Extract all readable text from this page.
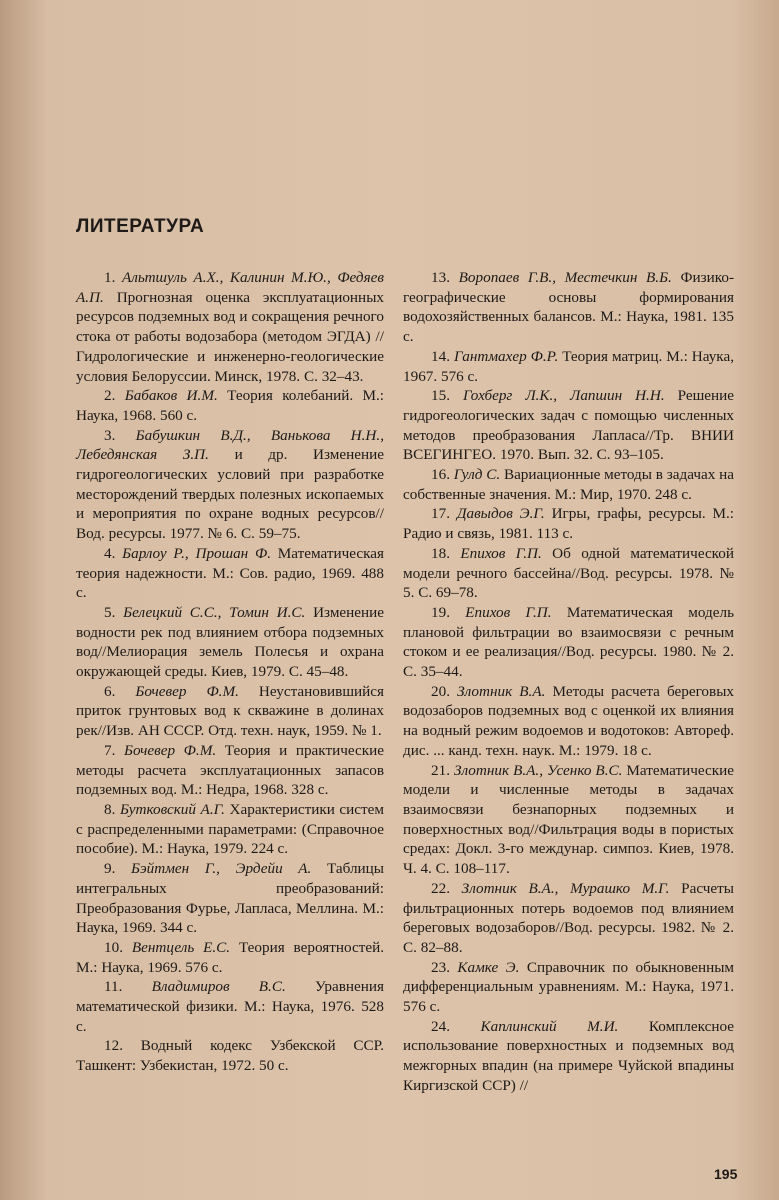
ЛИТЕРАТУРА

1. Альтшуль А.Х., Калинин М.Ю., Федяев А.П. Прогнозная оценка эксплуатационных ресурсов подземных вод и сокращения речного стока от работы водозабора (методом ЭГДА) //Гидрологические и инженерно-геологические условия Белоруссии. Минск, 1978. С. 32–43.

2. Бабаков И.М. Теория колебаний. М.: Наука, 1968. 560 с.

3. Бабушкин В.Д., Ванькова Н.Н., Лебедянская З.П. и др. Изменение гидрогеологических условий при разработке месторождений твердых полезных ископаемых и мероприятия по охране водных ресурсов//Вод. ресурсы. 1977. № 6. С. 59–75.

4. Барлоу Р., Прошан Ф. Математическая теория надежности. М.: Сов. радио, 1969. 488 с.

5. Белецкий С.С., Томин И.С. Изменение водности рек под влиянием отбора подземных вод//Мелиорация земель Полесья и охрана окружающей среды. Киев, 1979. С. 45–48.

6. Бочевер Ф.М. Неустановившийся приток грунтовых вод к скважине в долинах рек//Изв. АН СССР. Отд. техн. наук, 1959. № 1.

7. Бочевер Ф.М. Теория и практические методы расчета эксплуатационных запасов подземных вод. М.: Недра, 1968. 328 с.

8. Бутковский А.Г. Характеристики систем с распределенными параметрами: (Справочное пособие). М.: Наука, 1979. 224 с.

9. Бэйтмен Г., Эрдейи А. Таблицы интегральных преобразований: Преобразования Фурье, Лапласа, Меллина. М.: Наука, 1969. 344 с.

10. Вентцель Е.С. Теория вероятностей. М.: Наука, 1969. 576 с.

11. Владимиров В.С. Уравнения математической физики. М.: Наука, 1976. 528 с.

12. Водный кодекс Узбекской ССР. Ташкент: Узбекистан, 1972. 50 с.

13. Воропаев Г.В., Местечкин В.Б. Физико-географические основы формирования водохозяйственных балансов. М.: Наука, 1981. 135 с.

14. Гантмахер Ф.Р. Теория матриц. М.: Наука, 1967. 576 с.

15. Гохберг Л.К., Лапшин Н.Н. Решение гидрогеологических задач с помощью численных методов преобразования Лапласа//Тр. ВНИИ ВСЕГИНГЕО. 1970. Вып. 32. С. 93–105.

16. Гулд С. Вариационные методы в задачах на собственные значения. М.: Мир, 1970. 248 с.

17. Давыдов Э.Г. Игры, графы, ресурсы. М.: Радио и связь, 1981. 113 с.

18. Епихов Г.П. Об одной математической модели речного бассейна//Вод. ресурсы. 1978. № 5. С. 69–78.

19. Епихов Г.П. Математическая модель плановой фильтрации во взаимосвязи с речным стоком и ее реализация//Вод. ресурсы. 1980. № 2. С. 35–44.

20. Злотник В.А. Методы расчета береговых водозаборов подземных вод с оценкой их влияния на водный режим водоемов и водотоков: Автореф. дис. ... канд. техн. наук. М.: 1979. 18 с.

21. Злотник В.А., Усенко В.С. Математические модели и численные методы в задачах взаимосвязи безнапорных подземных и поверхностных вод//Фильтрация воды в пористых средах: Докл. 3-го междунар. симпоз. Киев, 1978. Ч. 4. С. 108–117.

22. Злотник В.А., Мурашко М.Г. Расчеты фильтрационных потерь водоемов под влиянием береговых водозаборов//Вод. ресурсы. 1982. № 2. С. 82–88.

23. Камке Э. Справочник по обыкновенным дифференциальным уравнениям. М.: Наука, 1971. 576 с.

24. Каплинский М.И. Комплексное использование поверхностных и подземных вод межгорных впадин (на примере Чуйской впадины Киргизской ССР) //

195
